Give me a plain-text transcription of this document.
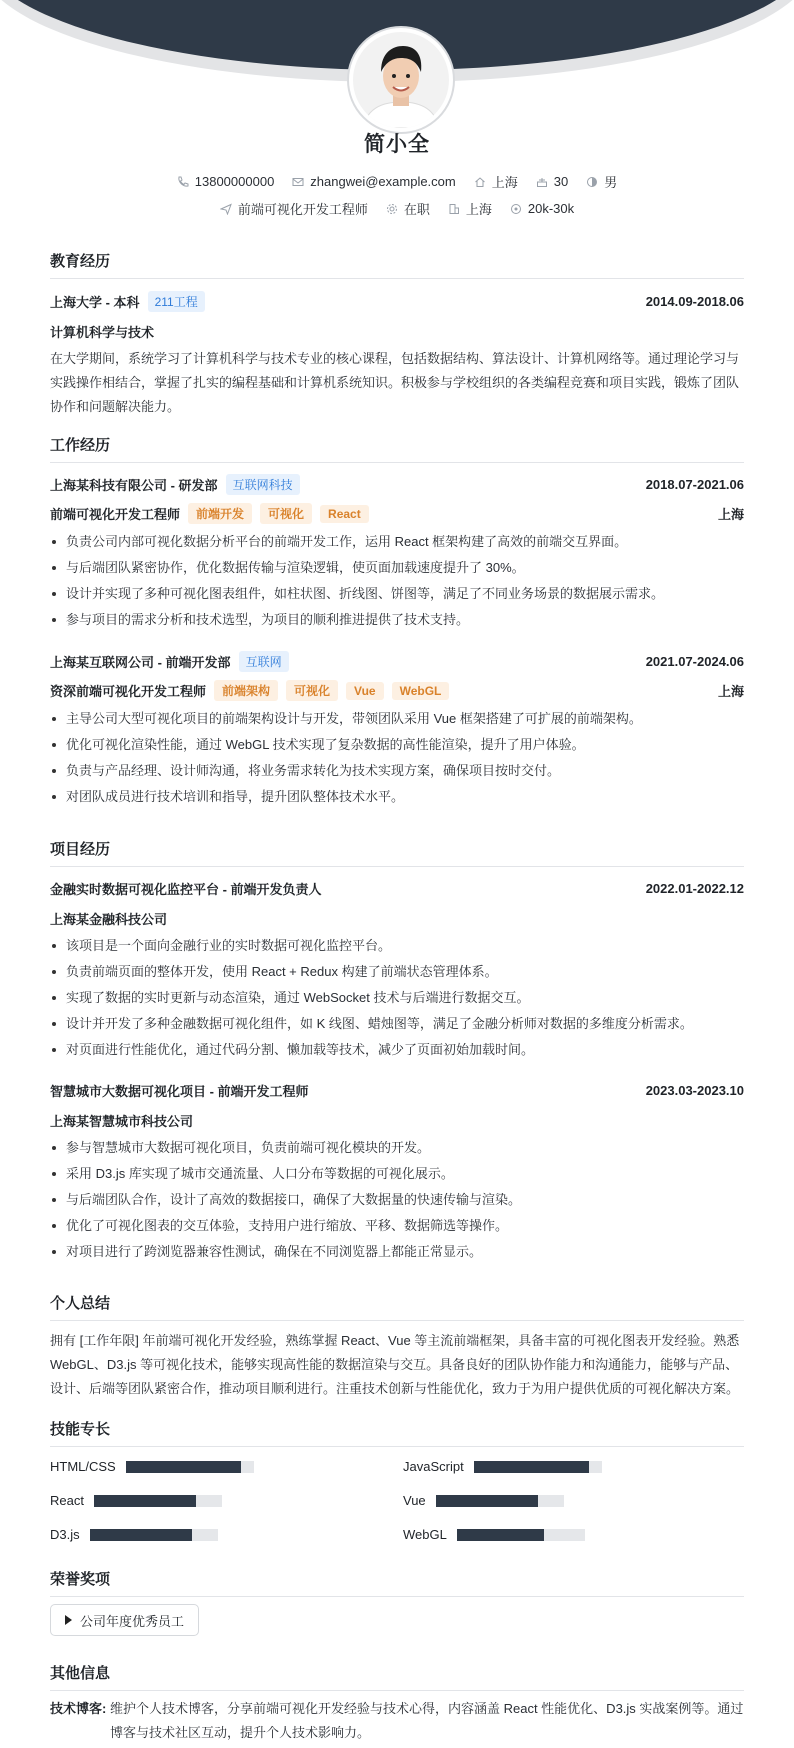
简小全
13800000000	zhangwei@example.com	上海	30	男
前端可视化开发工程师	在职	上海	20k-30k
教育经历
上海大学 - 本科	211工程	2014.09-2018.06
计算机科学与技术
在大学期间，系统学习了计算机科学与技术专业的核心课程，包括数据结构、算法设计、计算机网络等。通过理论学习与实践操作相结合，掌握了扎实的编程基础和计算机系统知识。积极参与学校组织的各类编程竞赛和项目实践，锻炼了团队协作和问题解决能力。
工作经历
上海某科技有限公司 - 研发部	互联网科技	2018.07-2021.06
前端可视化开发工程师	前端开发	可视化	React	上海
负责公司内部可视化数据分析平台的前端开发工作，运用 React 框架构建了高效的前端交互界面。
与后端团队紧密协作，优化数据传输与渲染逻辑，使页面加载速度提升了 30%。
设计并实现了多种可视化图表组件，如柱状图、折线图、饼图等，满足了不同业务场景的数据展示需求。
参与项目的需求分析和技术选型，为项目的顺利推进提供了技术支持。
上海某互联网公司 - 前端开发部	互联网	2021.07-2024.06
资深前端可视化开发工程师	前端架构	可视化	Vue	WebGL	上海
主导公司大型可视化项目的前端架构设计与开发，带领团队采用 Vue 框架搭建了可扩展的前端架构。
优化可视化渲染性能，通过 WebGL 技术实现了复杂数据的高性能渲染，提升了用户体验。
负责与产品经理、设计师沟通，将业务需求转化为技术实现方案，确保项目按时交付。
对团队成员进行技术培训和指导，提升团队整体技术水平。
项目经历
金融实时数据可视化监控平台 - 前端开发负责人	2022.01-2022.12
上海某金融科技公司
该项目是一个面向金融行业的实时数据可视化监控平台。
负责前端页面的整体开发，使用 React + Redux 构建了前端状态管理体系。
实现了数据的实时更新与动态渲染，通过 WebSocket 技术与后端进行数据交互。
设计并开发了多种金融数据可视化组件，如 K 线图、蜡烛图等，满足了金融分析师对数据的多维度分析需求。
对页面进行性能优化，通过代码分割、懒加载等技术，减少了页面初始加载时间。
智慧城市大数据可视化项目 - 前端开发工程师	2023.03-2023.10
上海某智慧城市科技公司
参与智慧城市大数据可视化项目，负责前端可视化模块的开发。
采用 D3.js 库实现了城市交通流量、人口分布等数据的可视化展示。
与后端团队合作，设计了高效的数据接口，确保了大数据量的快速传输与渲染。
优化了可视化图表的交互体验，支持用户进行缩放、平移、数据筛选等操作。
对项目进行了跨浏览器兼容性测试，确保在不同浏览器上都能正常显示。
个人总结
拥有 [工作年限] 年前端可视化开发经验，熟练掌握 React、Vue 等主流前端框架，具备丰富的可视化图表开发经验。熟悉 WebGL、D3.js 等可视化技术，能够实现高性能的数据渲染与交互。具备良好的团队协作能力和沟通能力，能够与产品、设计、后端等团队紧密合作，推动项目顺利进行。注重技术创新与性能优化，致力于为用户提供优质的可视化解决方案。
技能专长
HTML/CSS	JavaScript
React	Vue
D3.js	WebGL
荣誉奖项
公司年度优秀员工
其他信息
技术博客: 维护个人技术博客，分享前端可视化开发经验与技术心得，内容涵盖 React 性能优化、D3.js 实战案例等。通过博客与技术社区互动，提升个人技术影响力。
